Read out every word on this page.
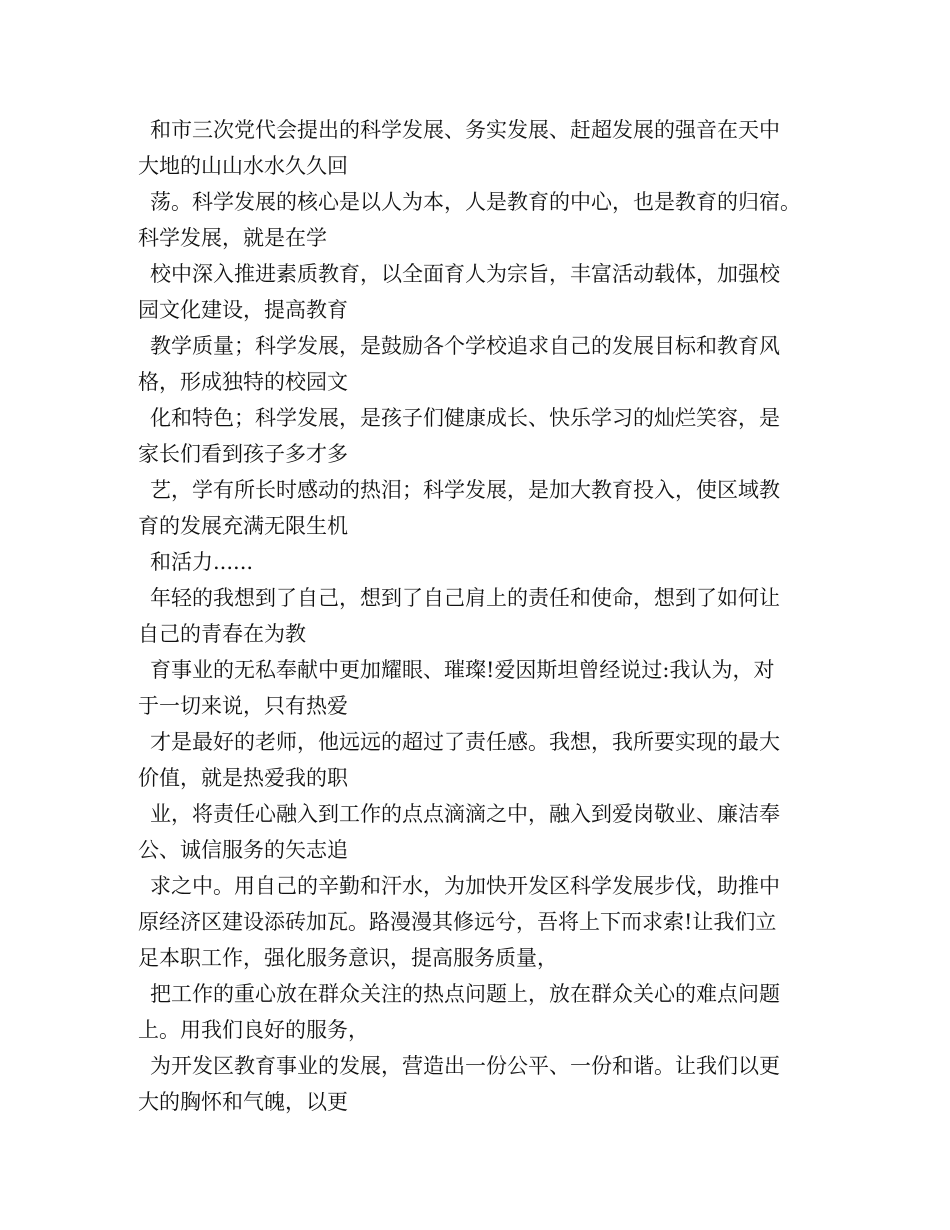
和市三次党代会提出的科学发展、务实发展、赶超发展的强音在天中
大地的山山水水久久回
荡。科学发展的核心是以人为本，人是教育的中心，也是教育的归宿。
科学发展，就是在学
校中深入推进素质教育，以全面育人为宗旨，丰富活动载体，加强校
园文化建设，提高教育
教学质量；科学发展，是鼓励各个学校追求自己的发展目标和教育风
格，形成独特的校园文
化和特色；科学发展，是孩子们健康成长、快乐学习的灿烂笑容，是
家长们看到孩子多才多
艺，学有所长时感动的热泪；科学发展，是加大教育投入，使区域教
育的发展充满无限生机
和活力......
年轻的我想到了自己，想到了自己肩上的责任和使命，想到了如何让
自己的青春在为教
育事业的无私奉献中更加耀眼、璀璨!爱因斯坦曾经说过:我认为，对
于一切来说，只有热爱
才是最好的老师，他远远的超过了责任感。我想，我所要实现的最大
价值，就是热爱我的职
业，将责任心融入到工作的点点滴滴之中，融入到爱岗敬业、廉洁奉
公、诚信服务的矢志追
求之中。用自己的辛勤和汗水，为加快开发区科学发展步伐，助推中
原经济区建设添砖加瓦。路漫漫其修远兮，吾将上下而求索!让我们立
足本职工作，强化服务意识，提高服务质量，
把工作的重心放在群众关注的热点问题上，放在群众关心的难点问题
上。用我们良好的服务，
为开发区教育事业的发展，营造出一份公平、一份和谐。让我们以更
大的胸怀和气魄，以更
